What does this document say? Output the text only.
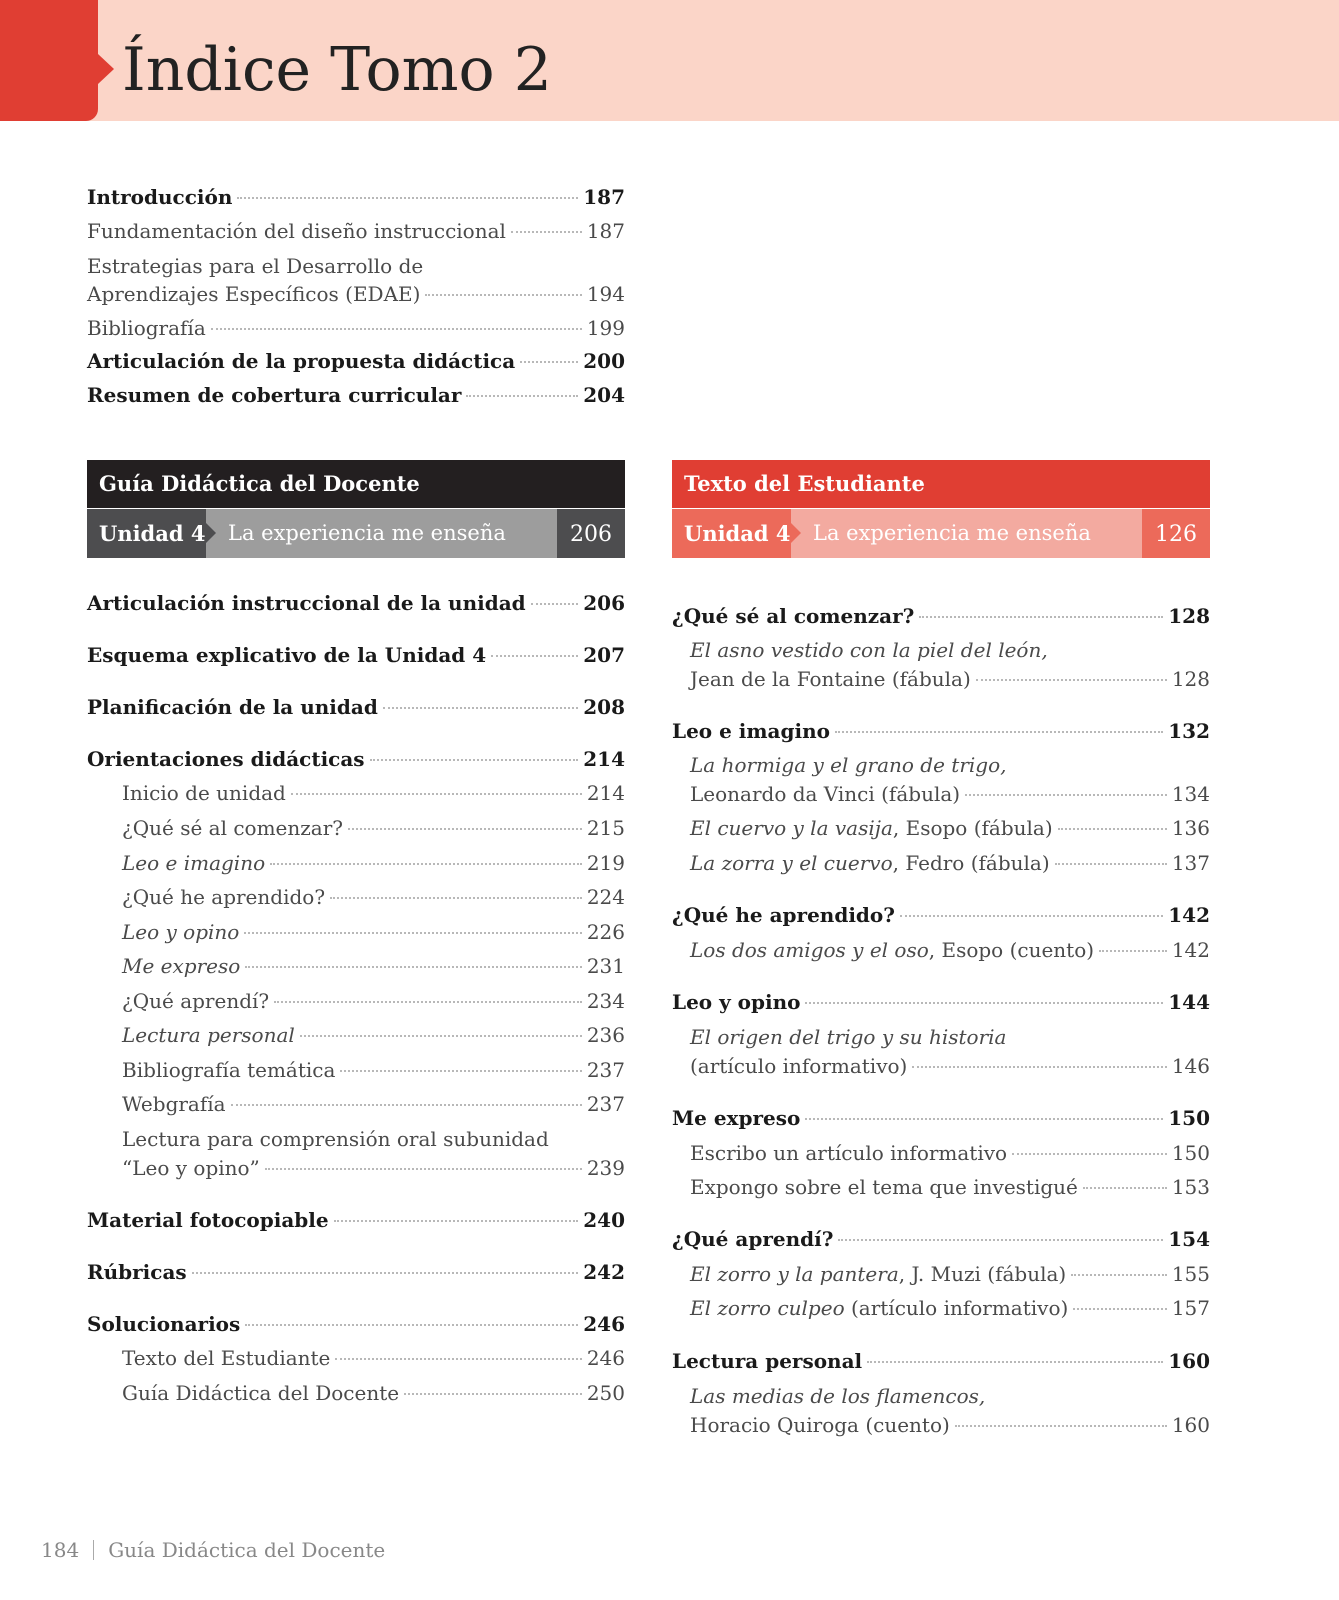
Índice Tomo 2
Introducción	187
Fundamentación del diseño instruccional	187
Estrategias para el Desarrollo de
Aprendizajes Específicos (EDAE)	194
Bibliografía	199
Articulación de la propuesta didáctica	200
Resumen de cobertura curricular	204
Guía Didáctica del Docente
Unidad 4	La experiencia me enseña	206
Texto del Estudiante
Unidad 4	La experiencia me enseña	126
Articulación instruccional de la unidad	206
Esquema explicativo de la Unidad 4	207
Planificación de la unidad	208
Orientaciones didácticas	214
Inicio de unidad	214
¿Qué sé al comenzar?	215
Leo e imagino	219
¿Qué he aprendido?	224
Leo y opino	226
Me expreso	231
¿Qué aprendí?	234
Lectura personal	236
Bibliografía temática	237
Webgrafía	237
Lectura para comprensión oral subunidad
“Leo y opino”	239
Material fotocopiable	240
Rúbricas	242
Solucionarios	246
Texto del Estudiante	246
Guía Didáctica del Docente	250
¿Qué sé al comenzar?	128
El asno vestido con la piel del león,
Jean de la Fontaine (fábula)	128
Leo e imagino	132
La hormiga y el grano de trigo,
Leonardo da Vinci (fábula)	134
El cuervo y la vasija, Esopo (fábula)	136
La zorra y el cuervo, Fedro (fábula)	137
¿Qué he aprendido?	142
Los dos amigos y el oso, Esopo (cuento)	142
Leo y opino	144
El origen del trigo y su historia
(artículo informativo)	146
Me expreso	150
Escribo un artículo informativo	150
Expongo sobre el tema que investigué	153
¿Qué aprendí?	154
El zorro y la pantera, J. Muzi (fábula)	155
El zorro culpeo (artículo informativo)	157
Lectura personal	160
Las medias de los flamencos,
Horacio Quiroga (cuento)	160
184 Guía Didáctica del Docente
